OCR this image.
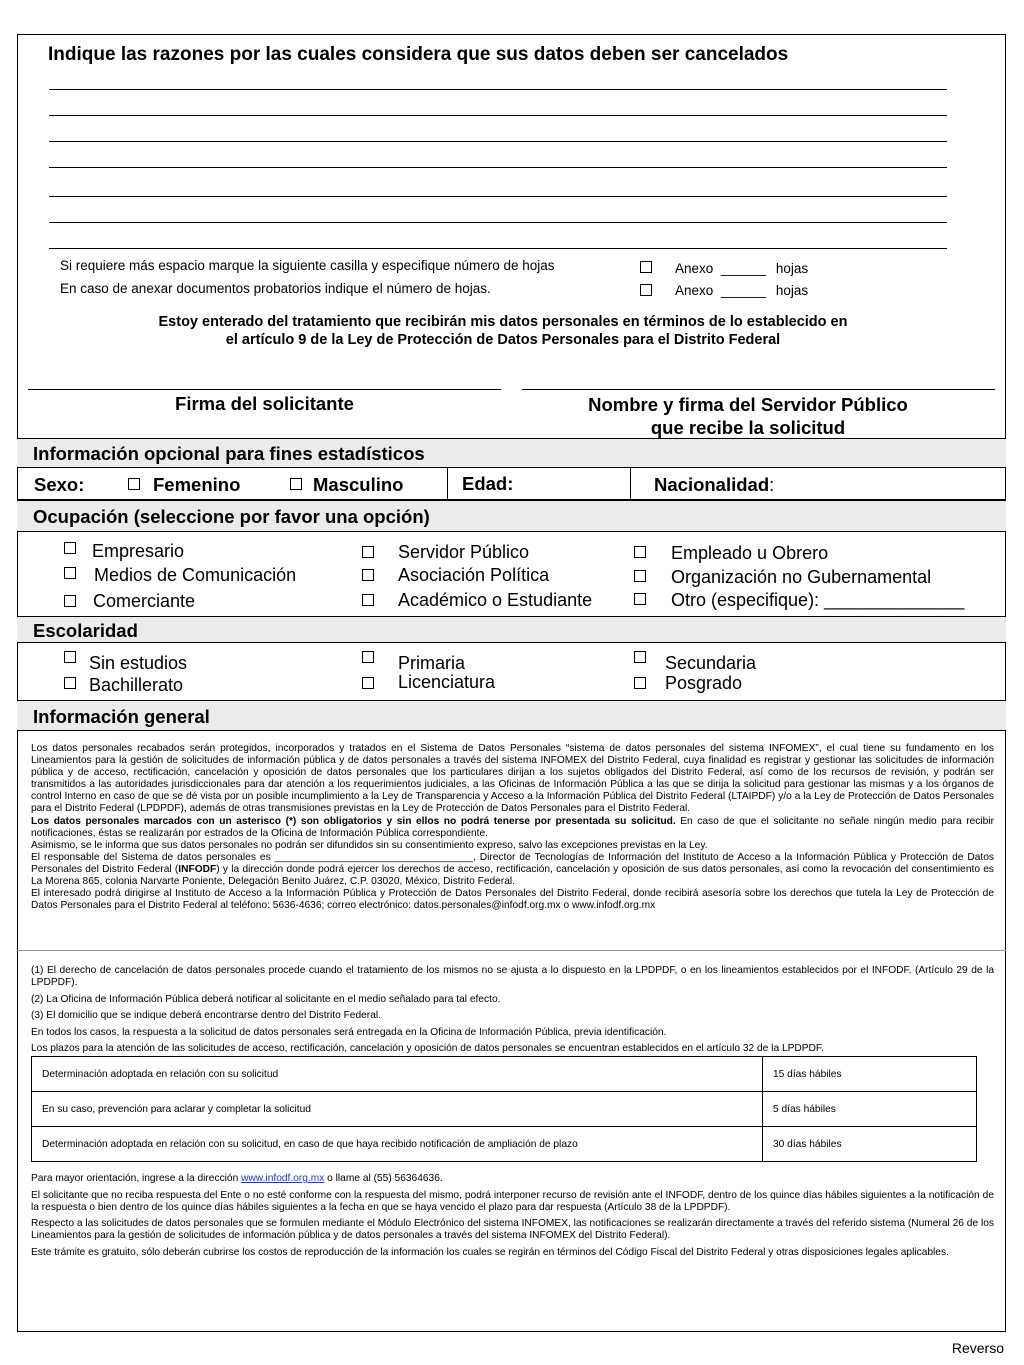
Indique las razones por las cuales considera que sus datos deben ser cancelados
Si requiere más espacio marque la siguiente casilla y especifique número de hojas
En caso de anexar documentos probatorios indique el número de hojas.
Anexo ______ hojas
Anexo ______ hojas
Estoy enterado del tratamiento que recibirán mis datos personales en términos de lo establecido en
el artículo 9 de la Ley de Protección de Datos Personales para el Distrito Federal
Firma del solicitante	Nombre y firma del Servidor Público
que recibe la solicitud
Información opcional para fines estadísticos
Sexo:	Femenino	Masculino	Edad:	Nacionalidad:
Ocupación (seleccione por favor una opción)
Empresario
Medios de Comunicación
Comerciante
Servidor Público
Asociación Política
Académico o Estudiante
Empleado u Obrero
Organización no Gubernamental
Otro (especifique): ______________
Escolaridad
Sin estudios	Primaria	Secundaria
Bachillerato	Licenciatura	Posgrado
Información general

Los datos personales recabados serán protegidos, incorporados y tratados en el Sistema de Datos Personales “sistema de datos personales del sistema INFOMEX”, el cual tiene su fundamento en los Lineamientos para la gestión de solicitudes de información pública y de datos personales a través del sistema INFOMEX del Distrito Federal, cuya finalidad es registrar y gestionar las solicitudes de información pública y de acceso, rectificación, cancelación y oposición de datos personales que los particulares dirijan a los sujetos obligados del Distrito Federal, así como de los recursos de revisión, y podrán ser transmitidos a las autoridades jurisdiccionales para dar atención a los requerimientos judiciales, a las Oficinas de Información Pública a las que se dirija la solicitud para gestionar las mismas y a los órganos de control Interno en caso de que se dé vista por un posible incumplimiento a la Ley de Transparencia y Acceso a la Información Pública del Distrito Federal (LTAIPDF) y/o a la Ley de Protección de Datos Personales para el Distrito Federal (LPDPDF), además de otras transmisiones previstas en la Ley de Protección de Datos Personales para el Distrito Federal.

Los datos personales marcados con un asterisco (*) son obligatorios y sin ellos no podrá tenerse por presentada su solicitud. En caso de que el solicitante no señale ningún medio para recibir notificaciones, éstas se realizarán por estrados de la Oficina de Información Pública correspondiente.

Asimismo, se le informa que sus datos personales no podrán ser difundidos sin su consentimiento expreso, salvo las excepciones previstas en la Ley.

El responsable del Sistema de datos personales es ___________________________________, Director de Tecnologías de Información del Instituto de Acceso a la Información Pública y Protección de Datos Personales del Distrito Federal (INFODF) y la dirección donde podrá ejercer los derechos de acceso, rectificación, cancelación y oposición de sus datos personales, así como la revocación del consentimiento es La Morena 865, colonia Narvarte Poniente, Delegación Benito Juárez, C.P. 03020, México, Distrito Federal.

El interesado podrá dirigirse al Instituto de Acceso a la Información Pública y Protección de Datos Personales del Distrito Federal, donde recibirá asesoría sobre los derechos que tutela la Ley de Protección de Datos Personales para el Distrito Federal al teléfono: 5636-4636; correo electrónico: datos.personales@infodf.org.mx o www.infodf.org.mx

(1) El derecho de cancelación de datos personales procede cuando el tratamiento de los mismos no se ajusta a lo dispuesto en la LPDPDF, o en los lineamientos establecidos por el INFODF. (Artículo 29 de la LPDPDF).

(2) La Oficina de Información Pública deberá notificar al solicitante en el medio señalado para tal efecto.

(3) El domicilio que se indique deberá encontrarse dentro del Distrito Federal.

En todos los casos, la respuesta a la solicitud de datos personales será entregada en la Oficina de Información Pública, previa identificación.

Los plazos para la atención de las solicitudes de acceso, rectificación, cancelación y oposición de datos personales se encuentran establecidos en el artículo 32 de la LPDPDF.

Determinación adoptada en relación con su solicitud	15 días hábiles
En su caso, prevención para aclarar y completar la solicitud	5 días hábiles
Determinación adoptada en relación con su solicitud, en caso de que haya recibido notificación de ampliación de plazo	30 días hábiles

Para mayor orientación, ingrese a la dirección www.infodf.org.mx o llame al (55) 56364636.

El solicitante que no reciba respuesta del Ente o no esté conforme con la respuesta del mismo, podrá interponer recurso de revisión ante el INFODF, dentro de los quince días hábiles siguientes a la notificación de la respuesta o bien dentro de los quince días hábiles siguientes a la fecha en que se haya vencido el plazo para dar respuesta (Artículo 38 de la LPDPDF).

Respecto a las solicitudes de datos personales que se formulen mediante el Módulo Electrónico del sistema INFOMEX, las notificaciones se realizarán directamente a través del referido sistema (Numeral 26 de los Lineamientos para la gestión de solicitudes de información pública y de datos personales a través del sistema INFOMEX del Distrito Federal).

Este trámite es gratuito, sólo deberán cubrirse los costos de reproducción de la información los cuales se regirán en términos del Código Fiscal del Distrito Federal y otras disposiciones legales aplicables.

Reverso
